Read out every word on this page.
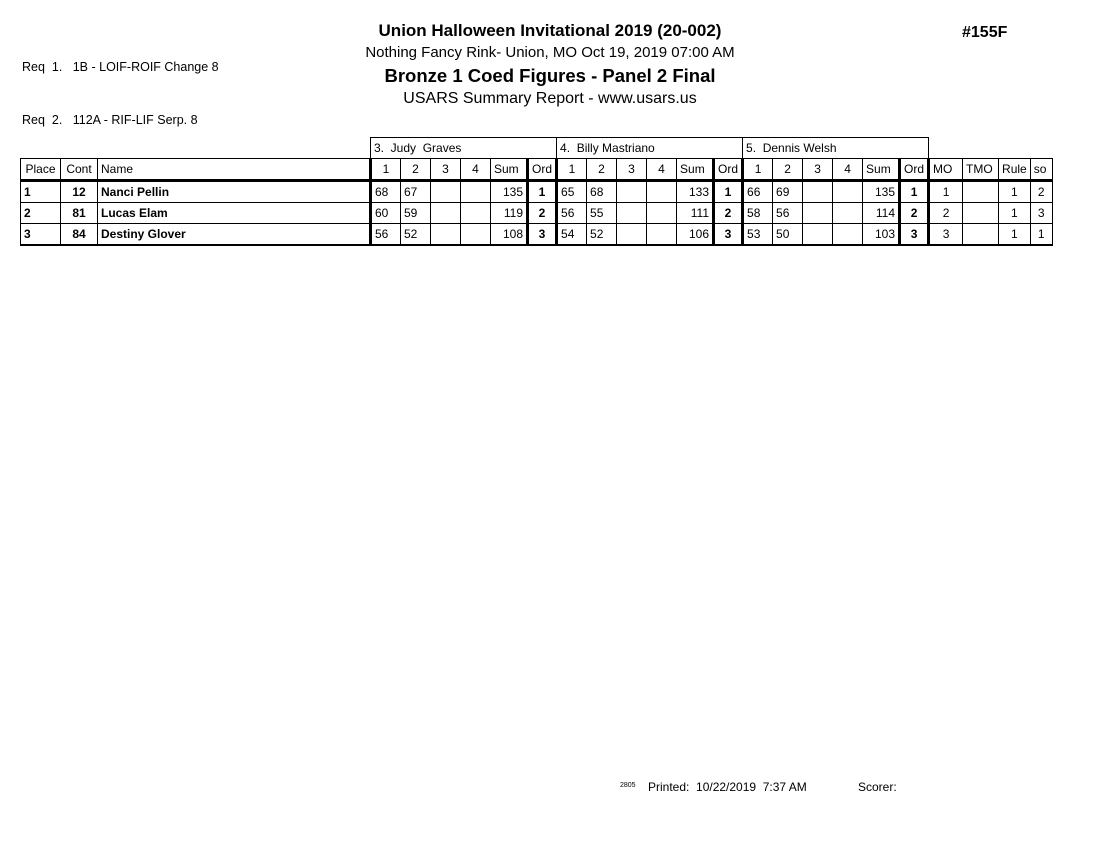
Req  1.   1B - LOIF-ROIF Change 8

Req  2.   112A - RIF-LIF Serp. 8

Union Halloween Invitational 2019 (20-002)
Nothing Fancy Rink- Union, MO Oct 19, 2019 07:00 AM
Bronze 1 Coed Figures - Panel 2 Final
USARS Summary Report - www.usars.us
#155F
			3.  Judy  Graves						4.  Billy Mastriano						5.  Dennis Welsh									
Place	Cont	Name	1	2	3	4	Sum	Ord	1	2	3	4	Sum	Ord	1	2	3	4	Sum	Ord	MO	TMO	Rule	so
1	12	Nanci Pellin	68	67			135	1	65	68			133	1	66	69			135	1	1		1	2
2	81	Lucas Elam	60	59			119	2	56	55			111	2	58	56			114	2	2		1	3
3	84	Destiny Glover	56	52			108	3	54	52			106	3	53	50			103	3	3		1	1
2805 Printed:  10/22/2019  7:37 AM	Scorer:
